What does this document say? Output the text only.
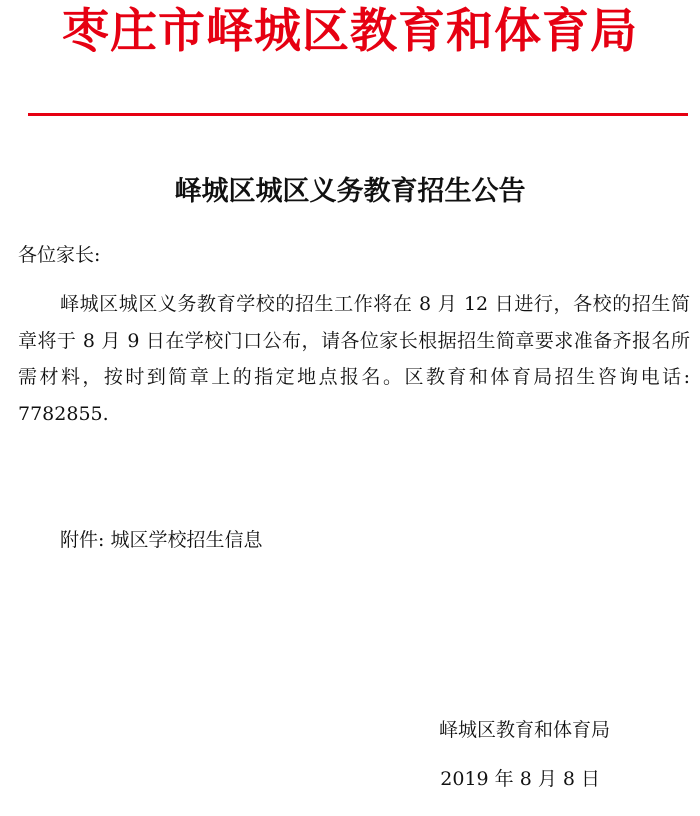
枣庄市峄城区教育和体育局
峄城区城区义务教育招生公告
各位家长:

峄城区城区义务教育学校的招生工作将在 8 月 12 日进行，各校的招生简章将于 8 月 9 日在学校门口公布，请各位家长根据招生简章要求准备齐报名所需材料，按时到简章上的指定地点报名。区教育和体育局招生咨询电话: 7782855.

附件: 城区学校招生信息
峄城区教育和体育局
2019 年 8 月 8 日
